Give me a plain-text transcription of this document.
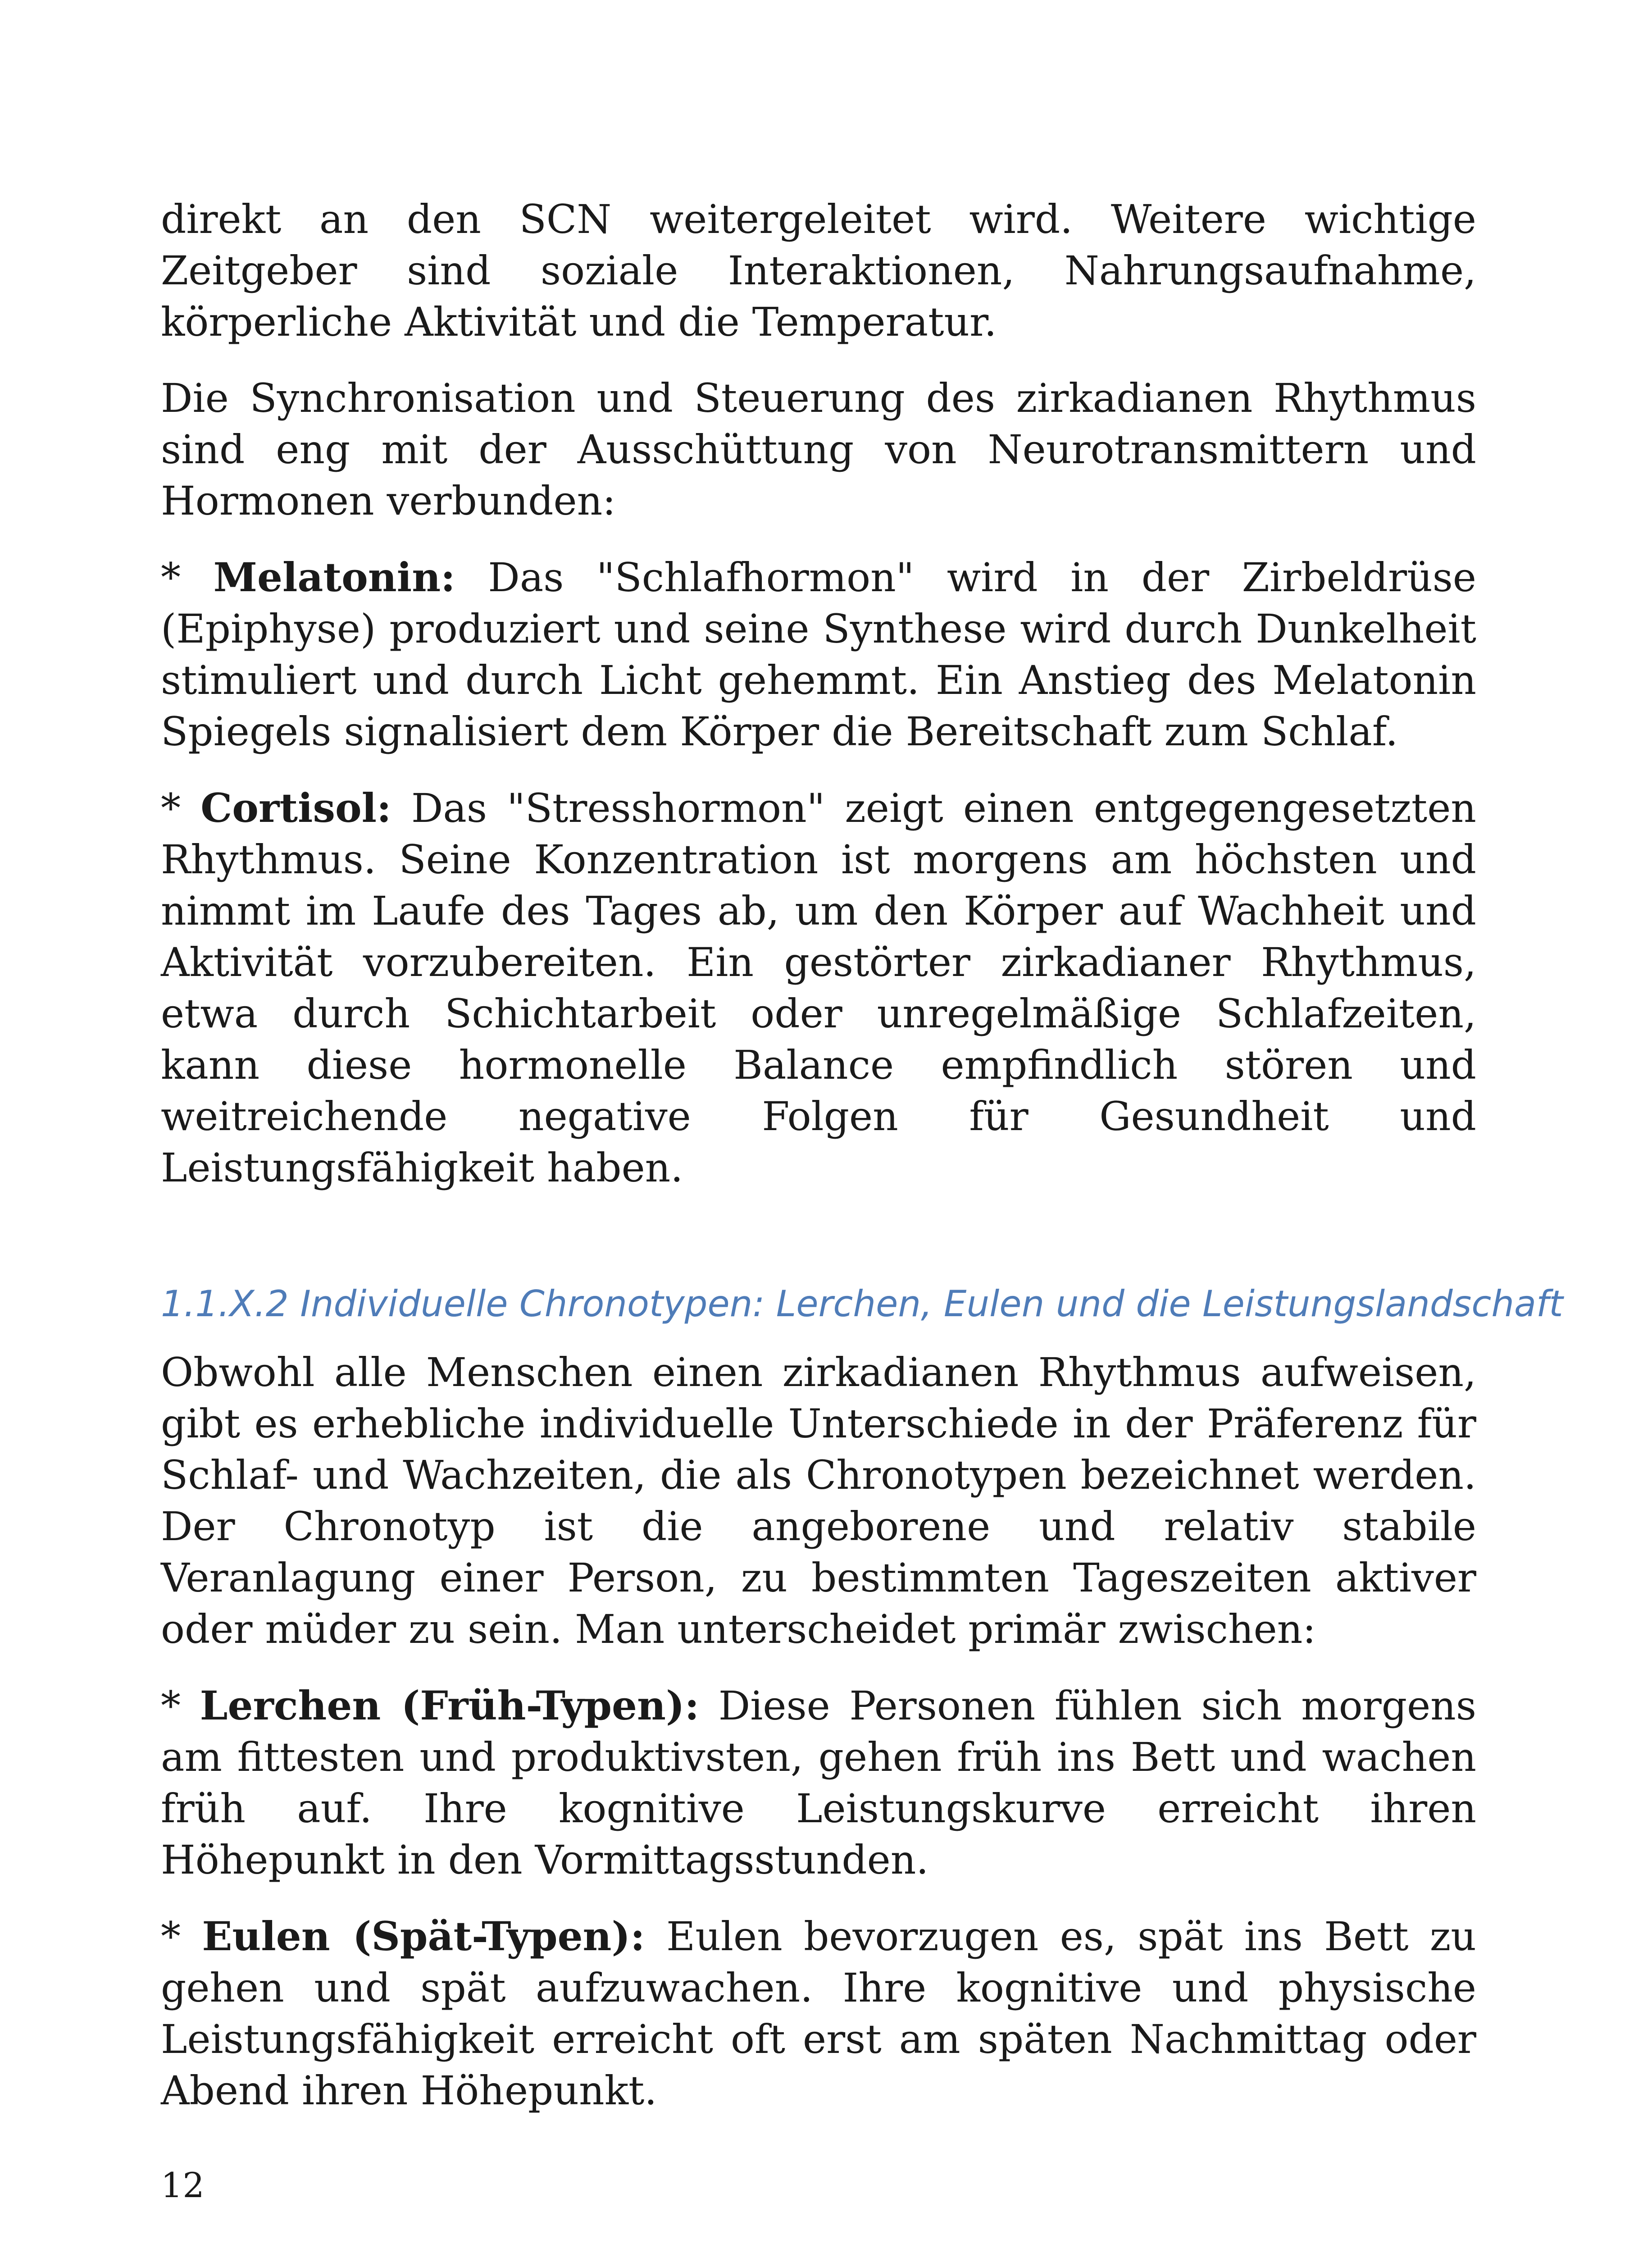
direkt an den SCN weitergeleitet wird. Weitere wichtige Zeitgeber sind soziale Interaktionen, Nahrungsaufnahme, körperliche Aktivität und die Temperatur.

Die Synchronisation und Steuerung des zirkadianen Rhythmus sind eng mit der Ausschüttung von Neurotransmittern und Hormonen verbunden:

* Melatonin: Das "Schlafhormon" wird in der Zirbeldrüse (Epiphyse) produziert und seine Synthese wird durch Dunkelheit stimuliert und durch Licht gehemmt. Ein Anstieg des Melatonin Spiegels signalisiert dem Körper die Bereitschaft zum Schlaf.

* Cortisol: Das "Stresshormon" zeigt einen entgegengesetzten Rhythmus. Seine Konzentration ist morgens am höchsten und nimmt im Laufe des Tages ab, um den Körper auf Wachheit und Aktivität vorzubereiten. Ein gestörter zirkadianer Rhythmus, etwa durch Schichtarbeit oder unregelmäßige Schlafzeiten, kann diese hormonelle Balance empfindlich stören und weitreichende negative Folgen für Gesundheit und Leistungsfähigkeit haben.

1.1.X.2 Individuelle Chronotypen: Lerchen, Eulen und die Leistungslandschaft

Obwohl alle Menschen einen zirkadianen Rhythmus aufweisen, gibt es erhebliche individuelle Unterschiede in der Präferenz für Schlaf- und Wachzeiten, die als Chronotypen bezeichnet werden. Der Chronotyp ist die angeborene und relativ stabile Veranlagung einer Person, zu bestimmten Tageszeiten aktiver oder müder zu sein. Man unterscheidet primär zwischen:

* Lerchen (Früh-Typen): Diese Personen fühlen sich morgens am fittesten und produktivsten, gehen früh ins Bett und wachen früh auf. Ihre kognitive Leistungskurve erreicht ihren Höhepunkt in den Vormittagsstunden.

* Eulen (Spät-Typen): Eulen bevorzugen es, spät ins Bett zu gehen und spät aufzuwachen. Ihre kognitive und physische Leistungsfähigkeit erreicht oft erst am späten Nachmittag oder Abend ihren Höhepunkt.

12
